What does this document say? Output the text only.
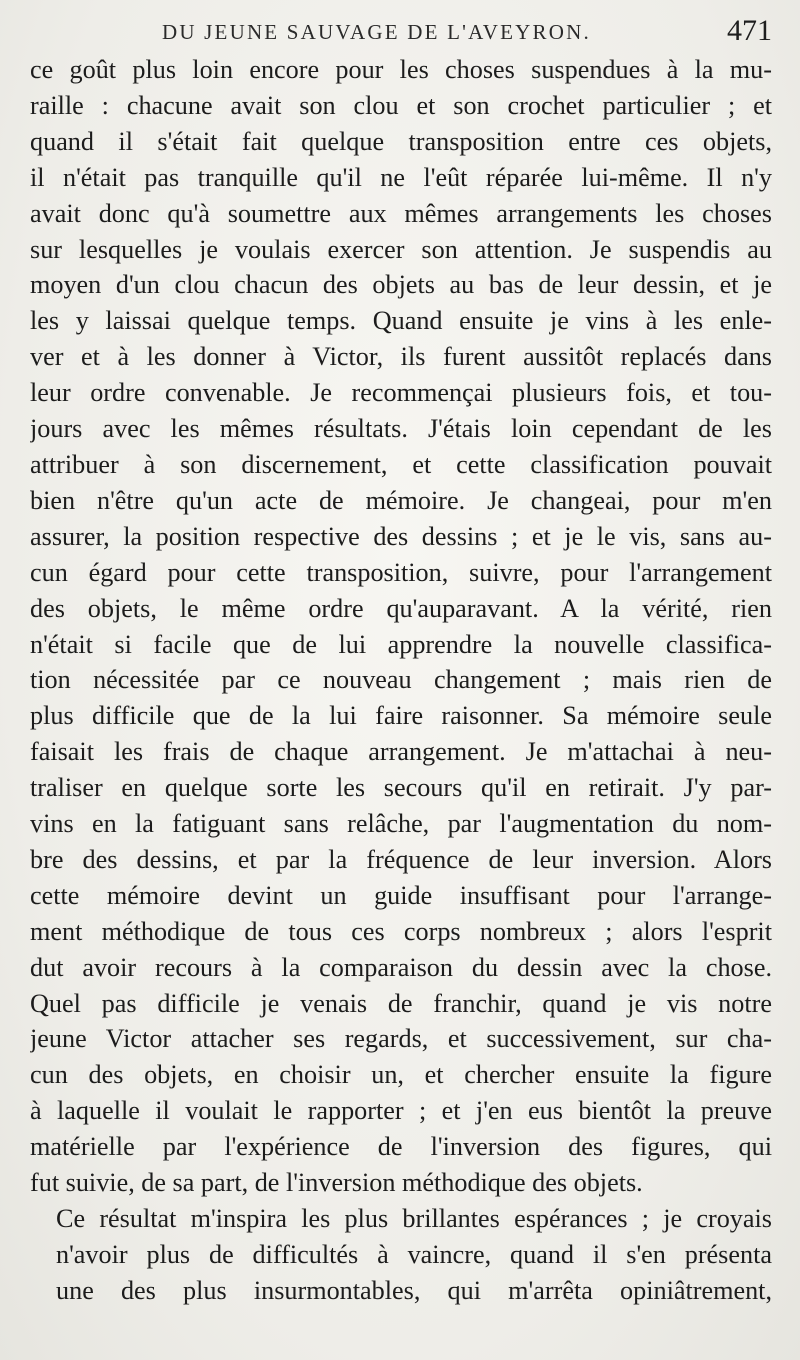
DU JEUNE SAUVAGE DE L'AVEYRON.	471

ce goût plus loin encore pour les choses suspendues à la mu-
raille : chacune avait son clou et son crochet particulier ; et
quand il s'était fait quelque transposition entre ces objets,
il n'était pas tranquille qu'il ne l'eût réparée lui-même. Il n'y
avait donc qu'à soumettre aux mêmes arrangements les choses
sur lesquelles je voulais exercer son attention. Je suspendis au
moyen d'un clou chacun des objets au bas de leur dessin, et je
les y laissai quelque temps. Quand ensuite je vins à les enle-
ver et à les donner à Victor, ils furent aussitôt replacés dans
leur ordre convenable. Je recommençai plusieurs fois, et tou-
jours avec les mêmes résultats. J'étais loin cependant de les
attribuer à son discernement, et cette classification pouvait
bien n'être qu'un acte de mémoire. Je changeai, pour m'en
assurer, la position respective des dessins ; et je le vis, sans au-
cun égard pour cette transposition, suivre, pour l'arrangement
des objets, le même ordre qu'auparavant. A la vérité, rien
n'était si facile que de lui apprendre la nouvelle classifica-
tion nécessitée par ce nouveau changement ; mais rien de
plus difficile que de la lui faire raisonner. Sa mémoire seule
faisait les frais de chaque arrangement. Je m'attachai à neu-
traliser en quelque sorte les secours qu'il en retirait. J'y par-
vins en la fatiguant sans relâche, par l'augmentation du nom-
bre des dessins, et par la fréquence de leur inversion. Alors
cette mémoire devint un guide insuffisant pour l'arrange-
ment méthodique de tous ces corps nombreux ; alors l'esprit
dut avoir recours à la comparaison du dessin avec la chose.
Quel pas difficile je venais de franchir, quand je vis notre
jeune Victor attacher ses regards, et successivement, sur cha-
cun des objets, en choisir un, et chercher ensuite la figure
à laquelle il voulait le rapporter ; et j'en eus bientôt la preuve
matérielle par l'expérience de l'inversion des figures, qui
fut suivie, de sa part, de l'inversion méthodique des objets.

Ce résultat m'inspira les plus brillantes espérances ; je croyais
n'avoir plus de difficultés à vaincre, quand il s'en présenta
une des plus insurmontables, qui m'arrêta opiniâtrement,
